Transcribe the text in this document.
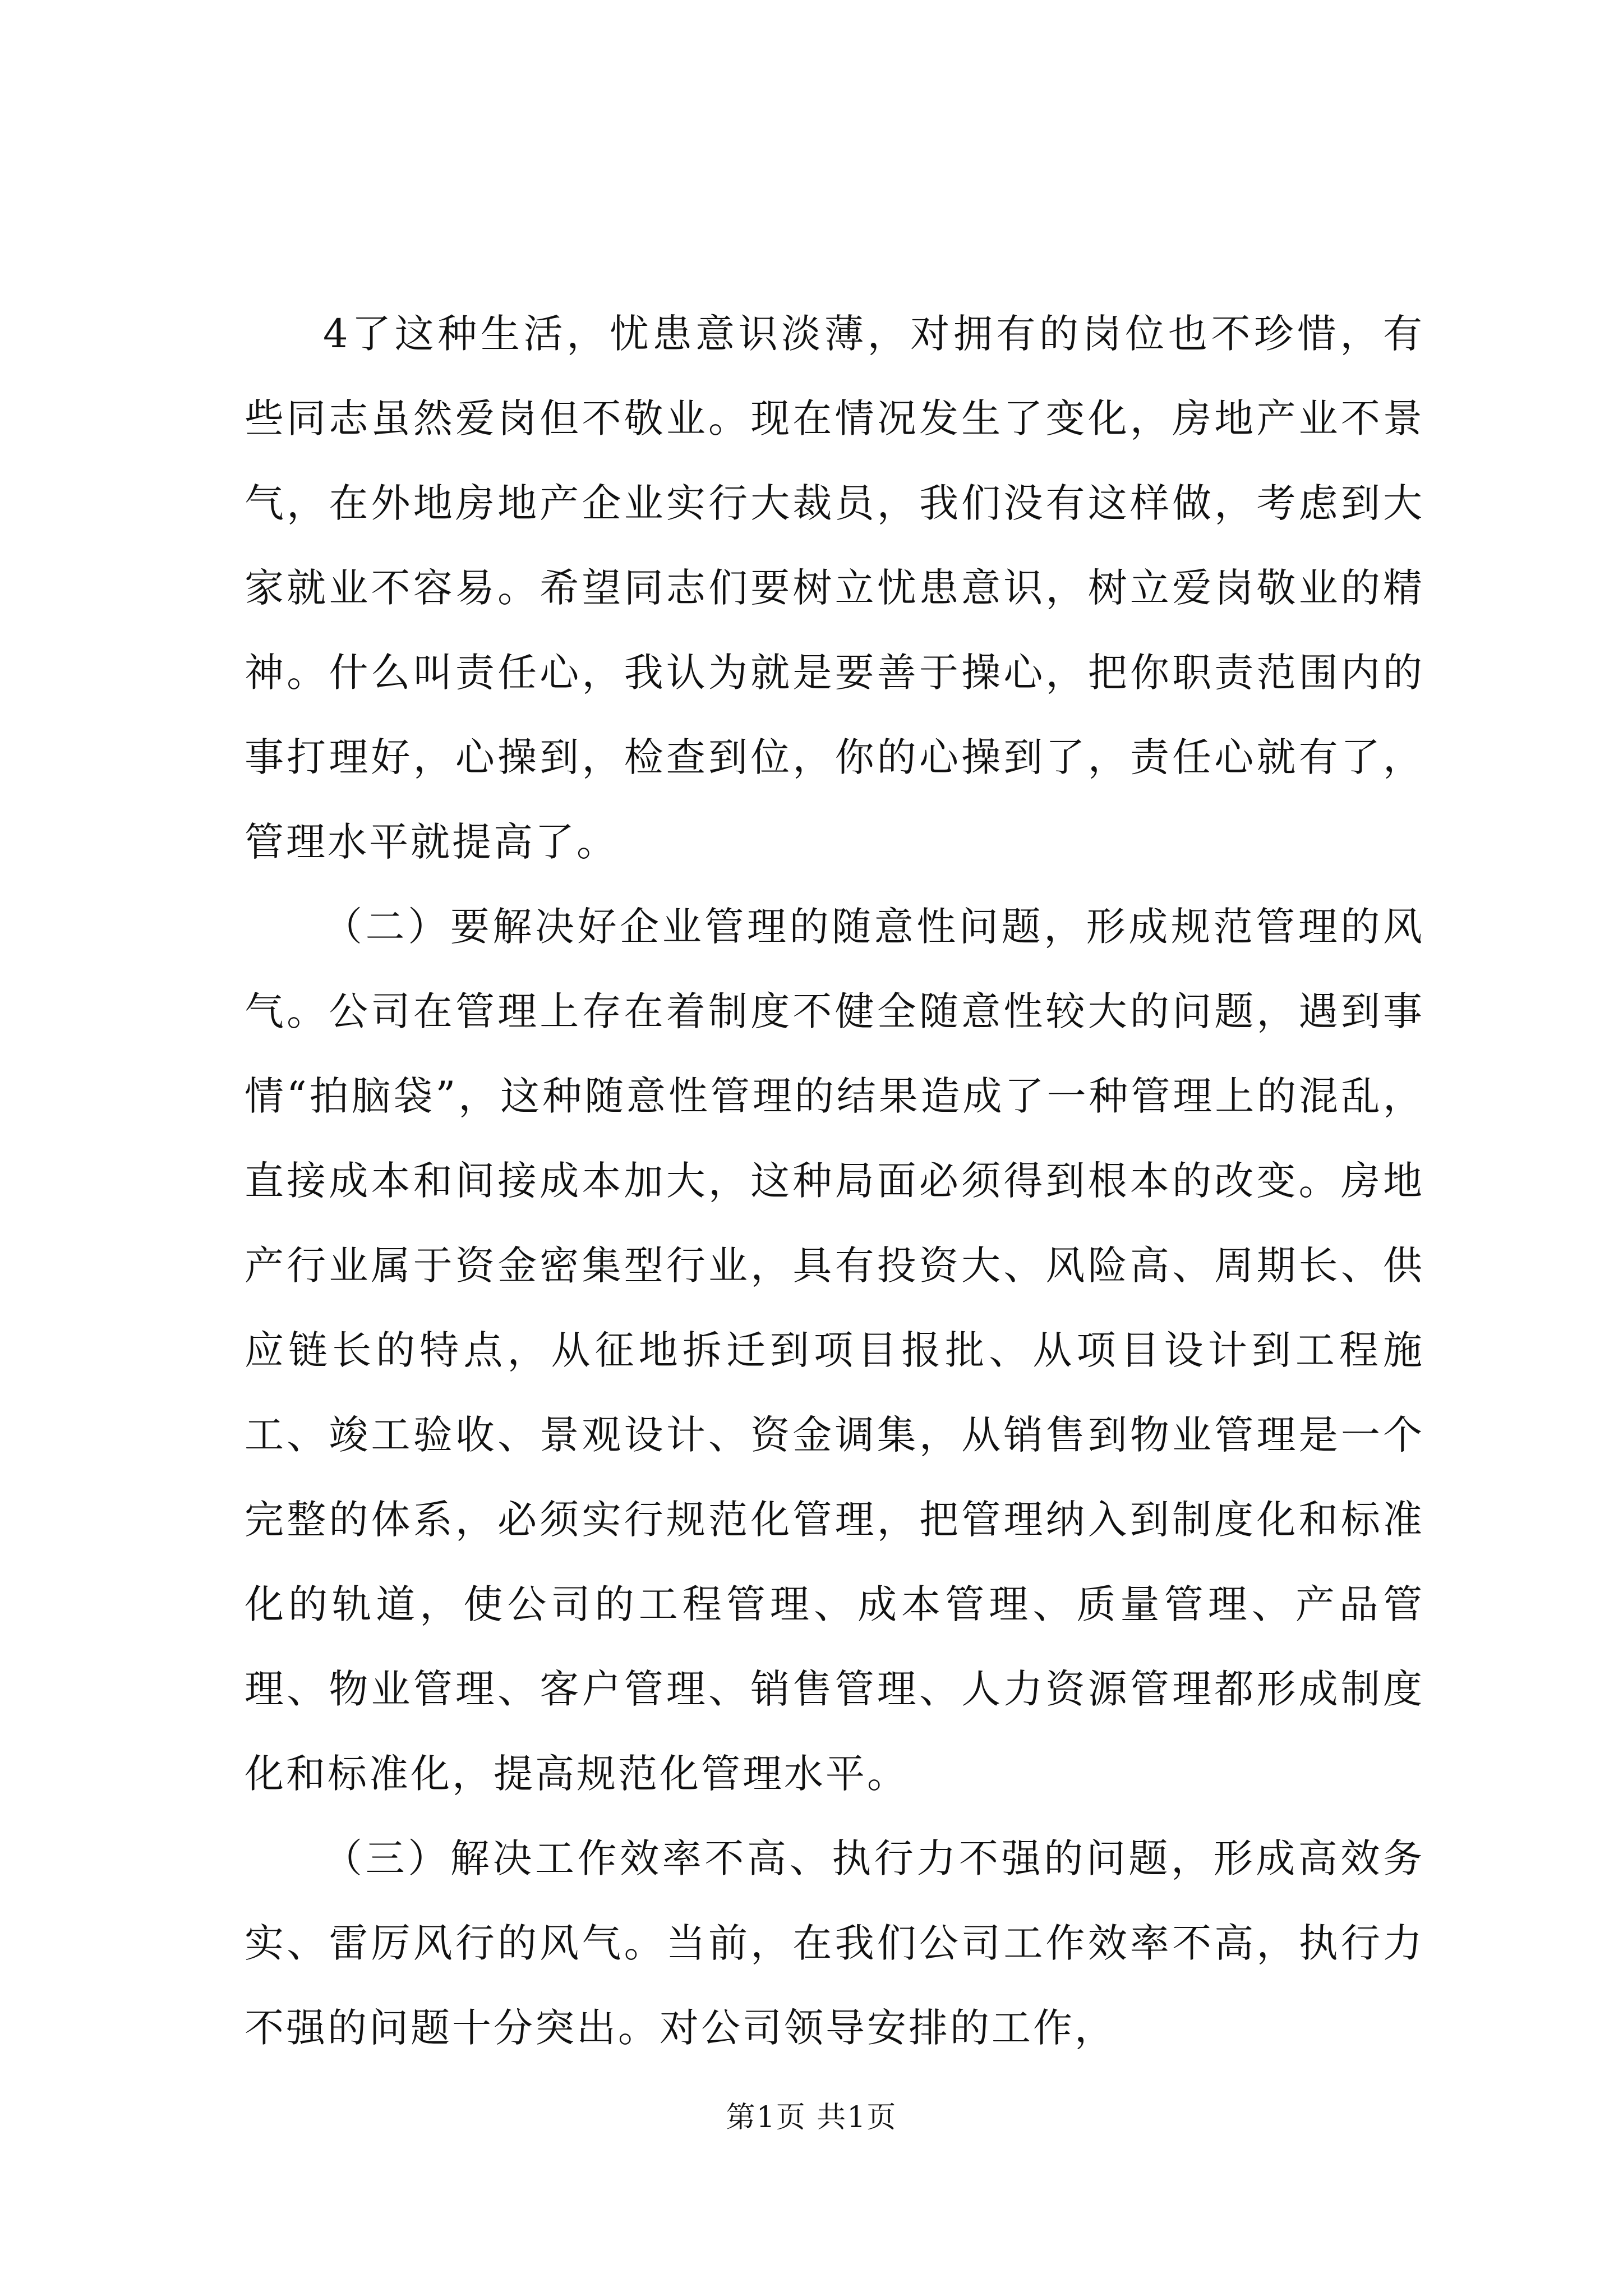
4了这种生活，忧患意识淡薄，对拥有的岗位也不珍惜，有些同志虽然爱岗但不敬业。现在情况发生了变化，房地产业不景气，在外地房地产企业实行大裁员，我们没有这样做，考虑到大家就业不容易。希望同志们要树立忧患意识，树立爱岗敬业的精神。什么叫责任心，我认为就是要善于操心，把你职责范围内的事打理好，心操到，检查到位，你的心操到了，责任心就有了，管理水平就提高了。

（二）要解决好企业管理的随意性问题，形成规范管理的风气。公司在管理上存在着制度不健全随意性较大的问题，遇到事情“拍脑袋”，这种随意性管理的结果造成了一种管理上的混乱，直接成本和间接成本加大，这种局面必须得到根本的改变。房地产行业属于资金密集型行业，具有投资大、风险高、周期长、供应链长的特点，从征地拆迁到项目报批、从项目设计到工程施工、竣工验收、景观设计、资金调集，从销售到物业管理是一个完整的体系，必须实行规范化管理，把管理纳入到制度化和标准化的轨道，使公司的工程管理、成本管理、质量管理、产品管理、物业管理、客户管理、销售管理、人力资源管理都形成制度化和标准化，提高规范化管理水平。

（三）解决工作效率不高、执行力不强的问题，形成高效务实、雷厉风行的风气。当前，在我们公司工作效率不高，执行力不强的问题十分突出。对公司领导安排的工作，

第1页 共1页
